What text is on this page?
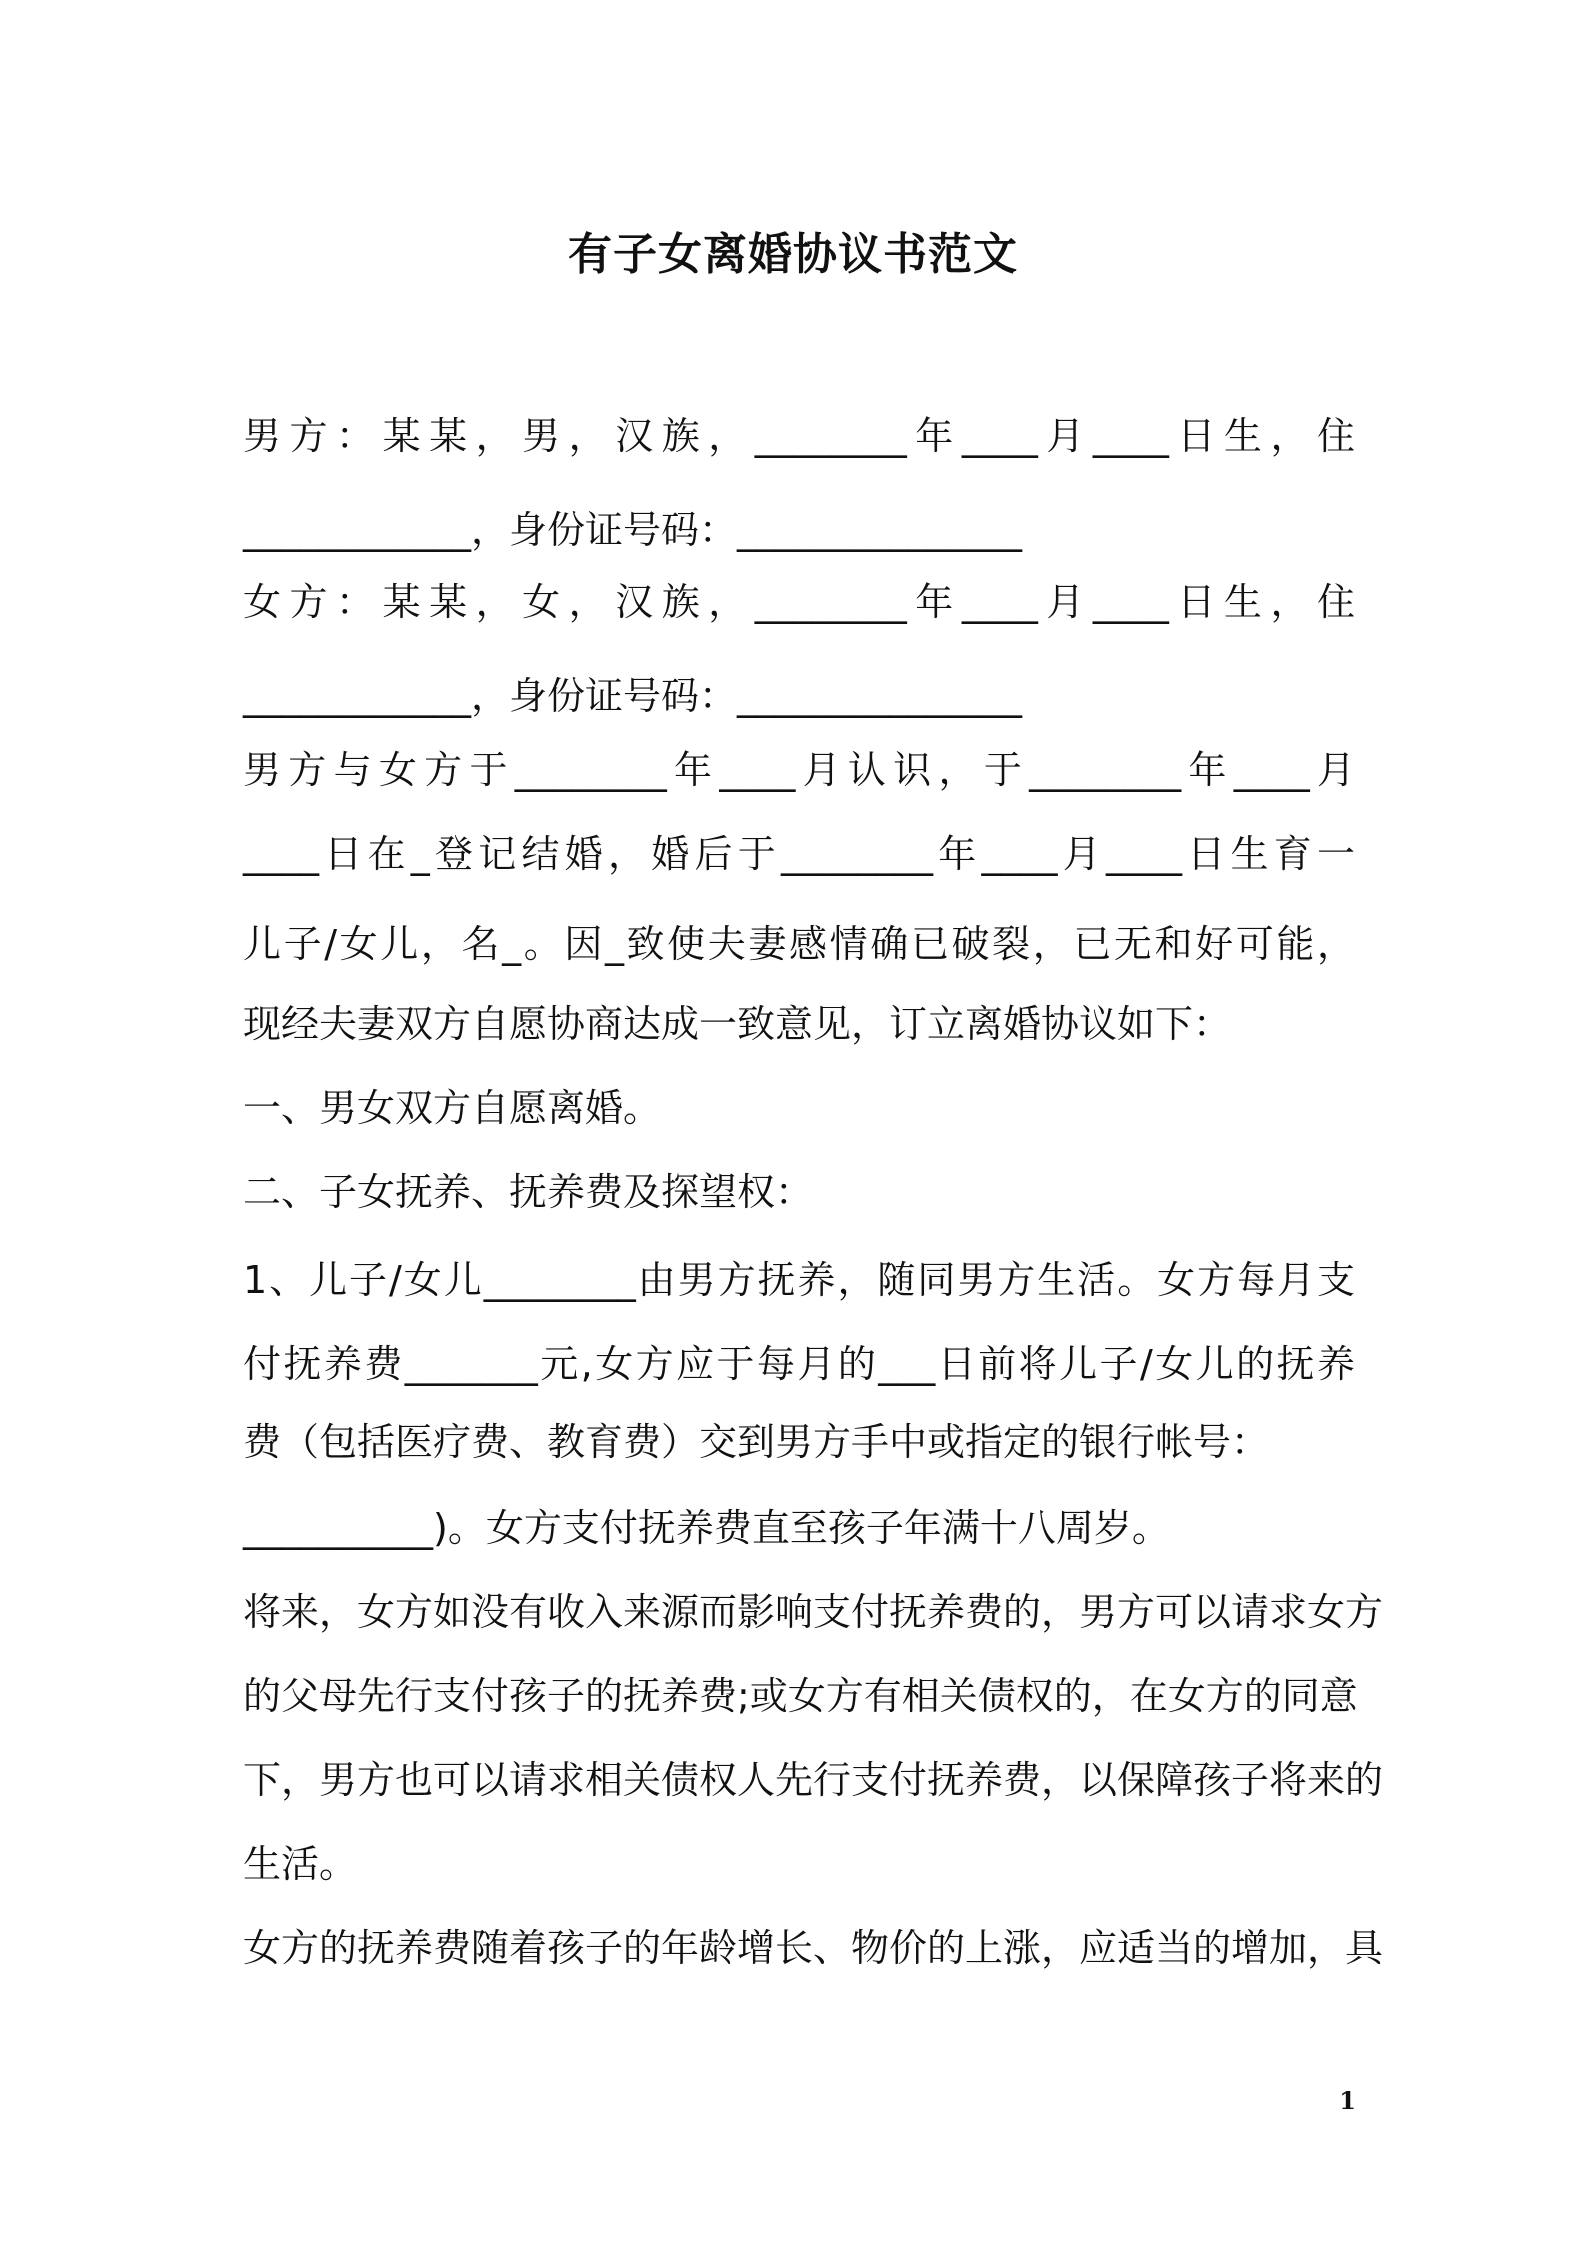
有子女离婚协议书范文
男方：某某，男，汉族，________年____月____日生，住
____________，身份证号码：_______________
女方：某某，女，汉族，________年____月____日生，住
____________，身份证号码：_______________
男方与女方于________年____月认识，于________年____月
____日在_登记结婚，婚后于________年____月____日生育一
儿子/女儿，名_。因_致使夫妻感情确已破裂，已无和好可能，
现经夫妻双方自愿协商达成一致意见，订立离婚协议如下：
一、男女双方自愿离婚。
二、子女抚养、抚养费及探望权：
1、儿子/女儿________由男方抚养，随同男方生活。女方每月支
付抚养费_______元,女方应于每月的___日前将儿子/女儿的抚养
费（包括医疗费、教育费）交到男方手中或指定的银行帐号：
__________)。女方支付抚养费直至孩子年满十八周岁。
将来，女方如没有收入来源而影响支付抚养费的，男方可以请求女方
的父母先行支付孩子的抚养费;或女方有相关债权的，在女方的同意
下，男方也可以请求相关债权人先行支付抚养费，以保障孩子将来的
生活。
女方的抚养费随着孩子的年龄增长、物价的上涨，应适当的增加，具
1
